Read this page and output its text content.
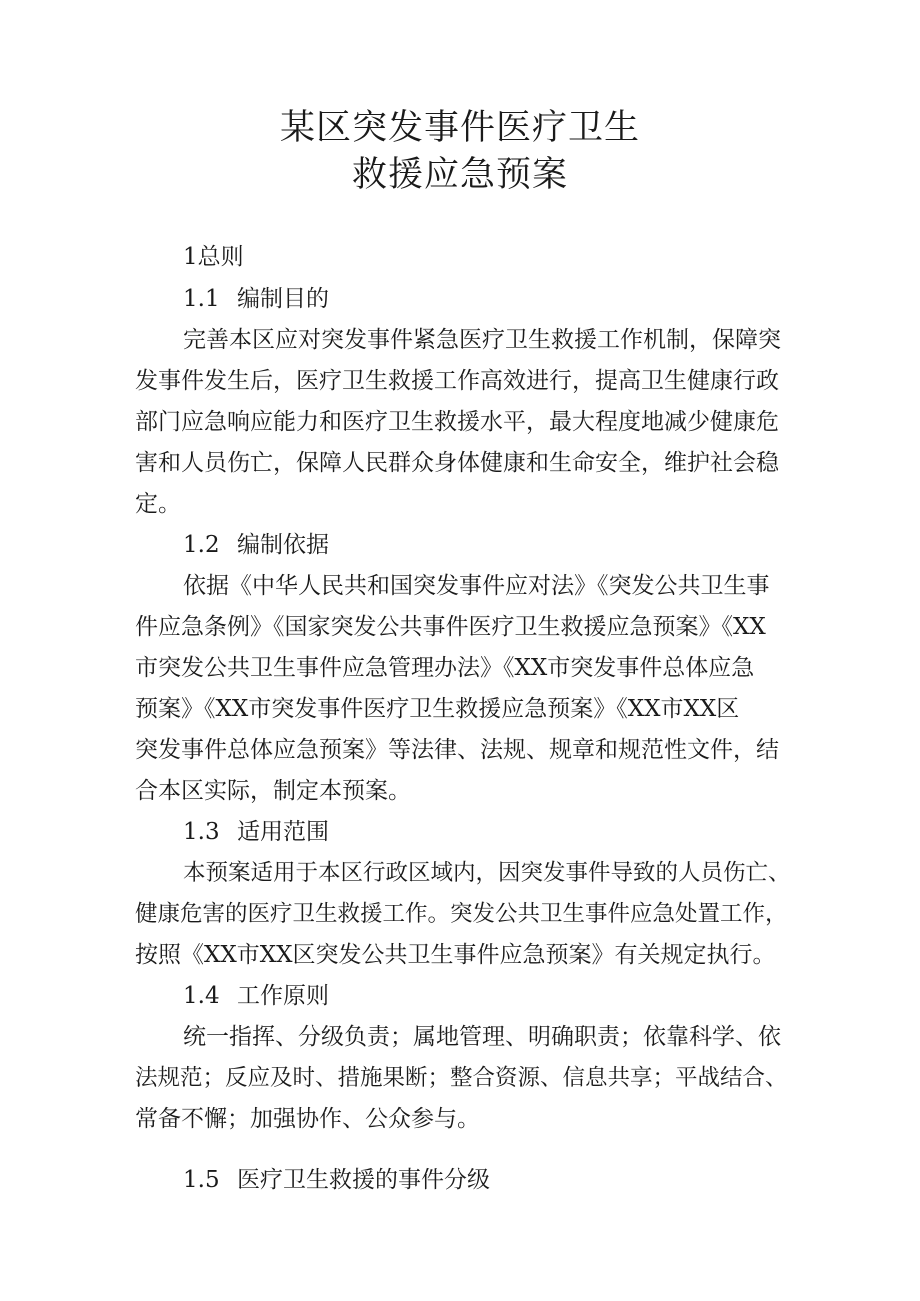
某区突发事件医疗卫生
救援应急预案

1总则

1.1 编制目的

完善本区应对突发事件紧急医疗卫生救援工作机制，保障突

发事件发生后，医疗卫生救援工作高效进行，提高卫生健康行政

部门应急响应能力和医疗卫生救援水平，最大程度地减少健康危

害和人员伤亡，保障人民群众身体健康和生命安全，维护社会稳

定。

1.2 编制依据

依据《中华人民共和国突发事件应对法》《突发公共卫生事

件应急条例》《国家突发公共事件医疗卫生救援应急预案》《XX

市突发公共卫生事件应急管理办法》《XX市突发事件总体应急

预案》《XX市突发事件医疗卫生救援应急预案》《XX市XX区

突发事件总体应急预案》等法律、法规、规章和规范性文件，结

合本区实际，制定本预案。

1.3 适用范围

本预案适用于本区行政区域内，因突发事件导致的人员伤亡、

健康危害的医疗卫生救援工作。突发公共卫生事件应急处置工作，

按照《XX市XX区突发公共卫生事件应急预案》有关规定执行。

1.4 工作原则

统一指挥、分级负责；属地管理、明确职责；依靠科学、依

法规范；反应及时、措施果断；整合资源、信息共享；平战结合、

常备不懈；加强协作、公众参与。

1.5 医疗卫生救援的事件分级
